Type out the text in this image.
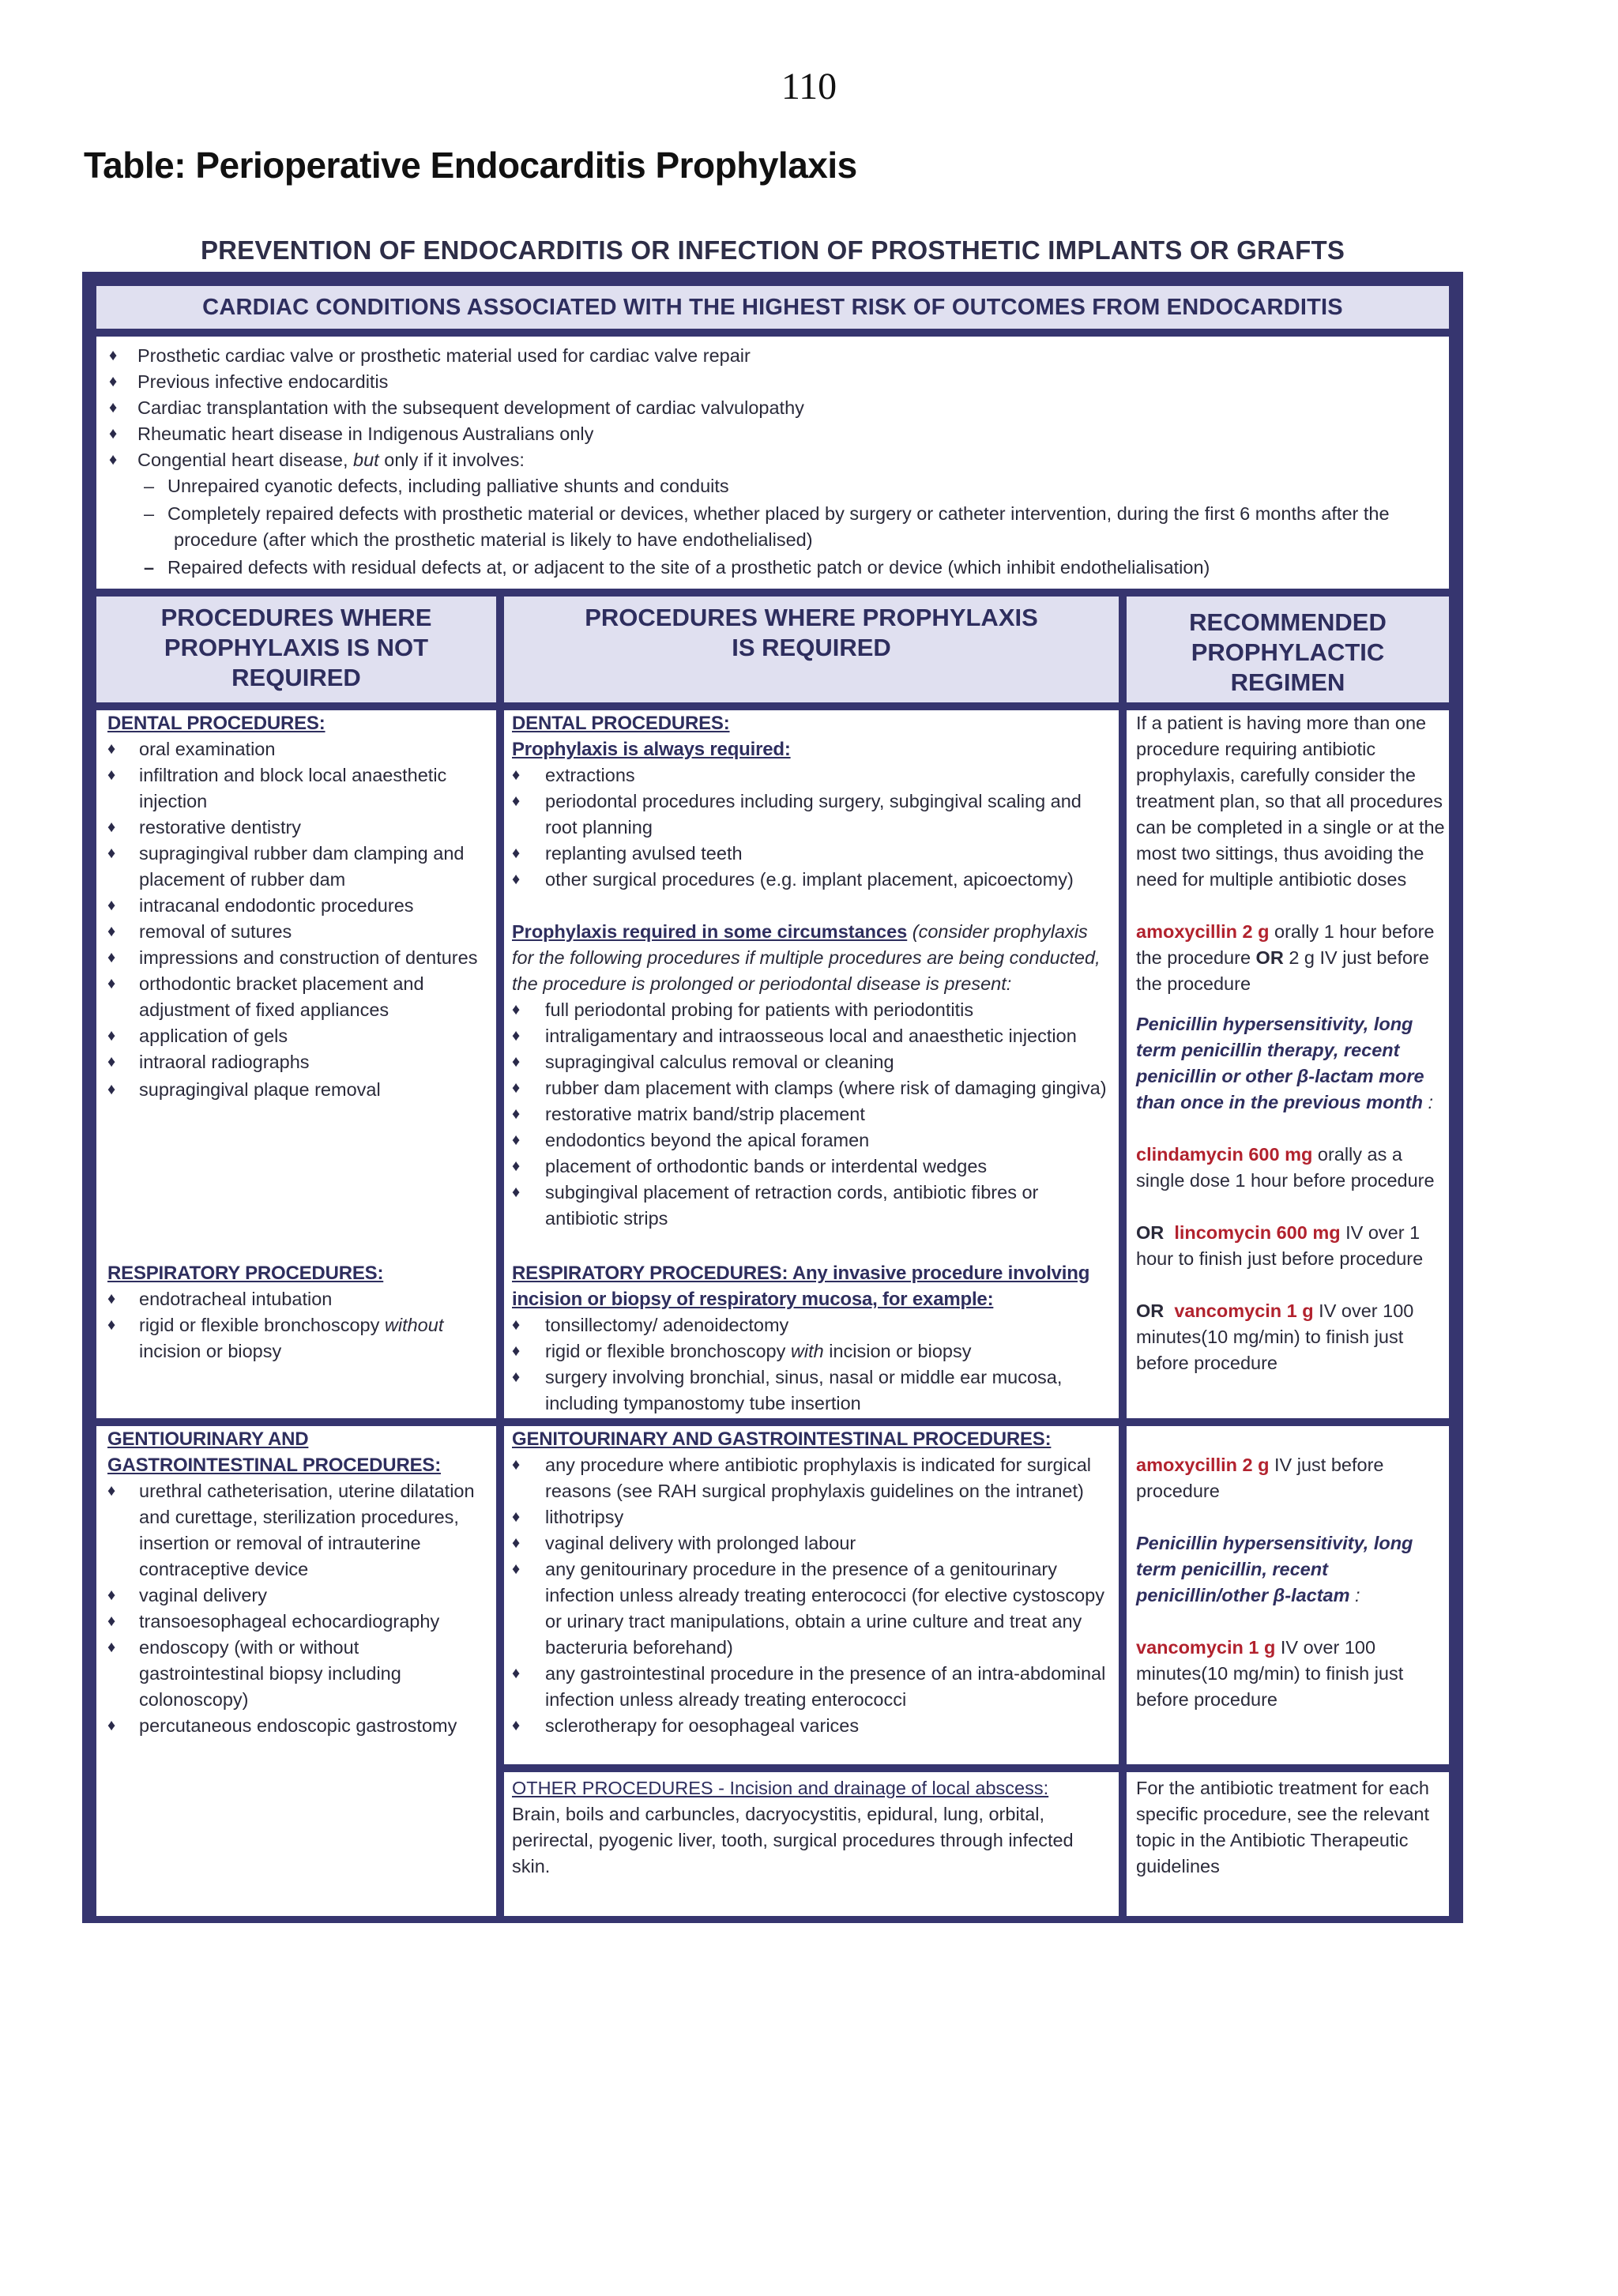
110
Table: Perioperative Endocarditis Prophylaxis
PREVENTION OF ENDOCARDITIS OR INFECTION OF PROSTHETIC IMPLANTS OR GRAFTS
CARDIAC CONDITIONS ASSOCIATED WITH THE HIGHEST RISK OF OUTCOMES FROM ENDOCARDITIS
♦ Prosthetic cardiac valve or prosthetic material used for cardiac valve repair
♦ Previous infective endocarditis
♦ Cardiac transplantation with the subsequent development of cardiac valvulopathy
♦ Rheumatic heart disease in Indigenous Australians only
♦ Congential heart disease, but only if it involves:
– Unrepaired cyanotic defects, including palliative shunts and conduits
– Completely repaired defects with prosthetic material or devices, whether placed by surgery or catheter intervention, during the first 6 months after the
procedure (after which the prosthetic material is likely to have endothelialised)
– Repaired defects with residual defects at, or adjacent to the site of a prosthetic patch or device (which inhibit endothelialisation)
PROCEDURES WHERE
PROPHYLAXIS IS NOT
REQUIRED
PROCEDURES WHERE PROPHYLAXIS
IS REQUIRED
RECOMMENDED
PROPHYLACTIC
REGIMEN
DENTAL PROCEDURES:
♦ oral examination
♦ infiltration and block local anaesthetic
injection
♦ restorative dentistry
♦ supragingival rubber dam clamping and
placement of rubber dam
♦ intracanal endodontic procedures
♦ removal of sutures
♦ impressions and construction of dentures
♦ orthodontic bracket placement and
adjustment of fixed appliances
♦ application of gels
♦ intraoral radiographs
♦ supragingival plaque removal
RESPIRATORY PROCEDURES:
♦ endotracheal intubation
♦ rigid or flexible bronchoscopy without
incision or biopsy
DENTAL PROCEDURES:
Prophylaxis is always required:
♦ extractions
♦ periodontal procedures including surgery, subgingival scaling and
root planning
♦ replanting avulsed teeth
♦ other surgical procedures (e.g. implant placement, apicoectomy)
Prophylaxis required in some circumstances (consider prophylaxis
for the following procedures if multiple procedures are being conducted,
the procedure is prolonged or periodontal disease is present:
♦ full periodontal probing for patients with periodontitis
♦ intraligamentary and intraosseous local and anaesthetic injection
♦ supragingival calculus removal or cleaning
♦ rubber dam placement with clamps (where risk of damaging gingiva)
♦ restorative matrix band/strip placement
♦ endodontics beyond the apical foramen
♦ placement of orthodontic bands or interdental wedges
♦ subgingival placement of retraction cords, antibiotic fibres or
antibiotic strips
RESPIRATORY PROCEDURES: Any invasive procedure involving
incision or biopsy of respiratory mucosa, for example:
♦ tonsillectomy/ adenoidectomy
♦ rigid or flexible bronchoscopy with incision or biopsy
♦ surgery involving bronchial, sinus, nasal or middle ear mucosa,
including tympanostomy tube insertion
If a patient is having more than one
procedure requiring antibiotic
prophylaxis, carefully consider the
treatment plan, so that all procedures
can be completed in a single or at the
most two sittings, thus avoiding the
need for multiple antibiotic doses
amoxycillin 2 g orally 1 hour before
the procedure OR 2 g IV just before
the procedure
Penicillin hypersensitivity, long
term penicillin therapy, recent
penicillin or other β-lactam more
than once in the previous month :
clindamycin 600 mg orally as a
single dose 1 hour before procedure
OR lincomycin 600 mg IV over 1
hour to finish just before procedure
OR vancomycin 1 g IV over 100
minutes(10 mg/min) to finish just
before procedure
GENTIOURINARY AND
GASTROINTESTINAL PROCEDURES:
♦ urethral catheterisation, uterine dilatation
and curettage, sterilization procedures,
insertion or removal of intrauterine
contraceptive device
♦ vaginal delivery
♦ transoesophageal echocardiography
♦ endoscopy (with or without
gastrointestinal biopsy including
colonoscopy)
♦ percutaneous endoscopic gastrostomy
GENITOURINARY AND GASTROINTESTINAL PROCEDURES:
♦ any procedure where antibiotic prophylaxis is indicated for surgical
reasons (see RAH surgical prophylaxis guidelines on the intranet)
♦ lithotripsy
♦ vaginal delivery with prolonged labour
♦ any genitourinary procedure in the presence of a genitourinary
infection unless already treating enterococci (for elective cystoscopy
or urinary tract manipulations, obtain a urine culture and treat any
bacteruria beforehand)
♦ any gastrointestinal procedure in the presence of an intra-abdominal
infection unless already treating enterococci
♦ sclerotherapy for oesophageal varices
amoxycillin 2 g IV just before
procedure
Penicillin hypersensitivity, long
term penicillin, recent
penicillin/other β-lactam :
vancomycin 1 g IV over 100
minutes(10 mg/min) to finish just
before procedure
OTHER PROCEDURES - Incision and drainage of local abscess:
Brain, boils and carbuncles, dacryocystitis, epidural, lung, orbital,
perirectal, pyogenic liver, tooth, surgical procedures through infected
skin.
For the antibiotic treatment for each
specific procedure, see the relevant
topic in the Antibiotic Therapeutic
guidelines
